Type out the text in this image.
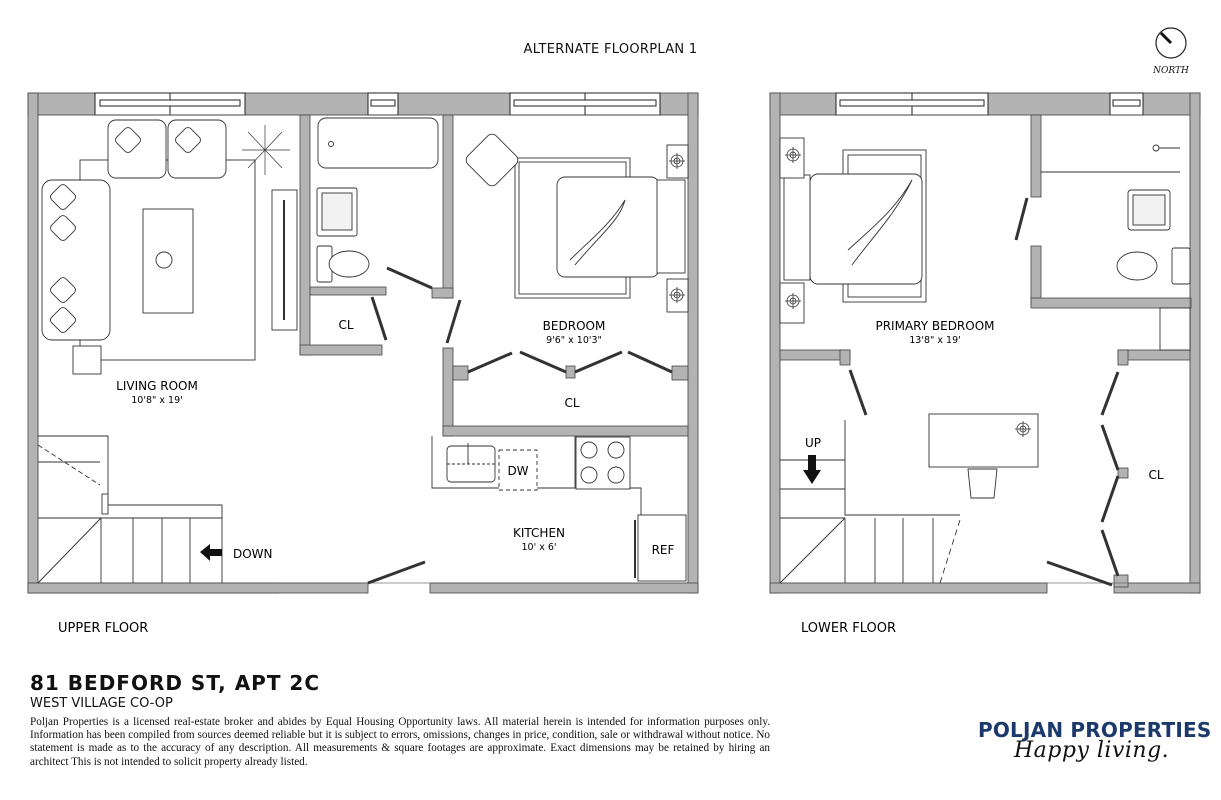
ALTERNATE FLOORPLAN 1
NORTH
LIVING ROOM
10'8" x 19'
BEDROOM
9'6" x 10'3"
KITCHEN
10' x 6'
CL
CL
DW
REF
DOWN
UPPER FLOOR
PRIMARY BEDROOM
13'8" x 19'
CL
UP
LOWER FLOOR
81 BEDFORD ST, APT 2C
WEST VILLAGE CO-OP
Poljan Properties is a licensed real-estate broker and abides by Equal Housing Opportunity laws. All material herein is intended for information purposes only. Information has been compiled from sources deemed reliable but it is subject to errors, omissions, changes in price, condition, sale or withdrawal without notice. No statement is made as to the accuracy of any description. All measurements & square footages are approximate. Exact dimensions may be retained by hiring an architect This is not intended to solicit property already listed.
POLJAN PROPERTIES
Happy living.
